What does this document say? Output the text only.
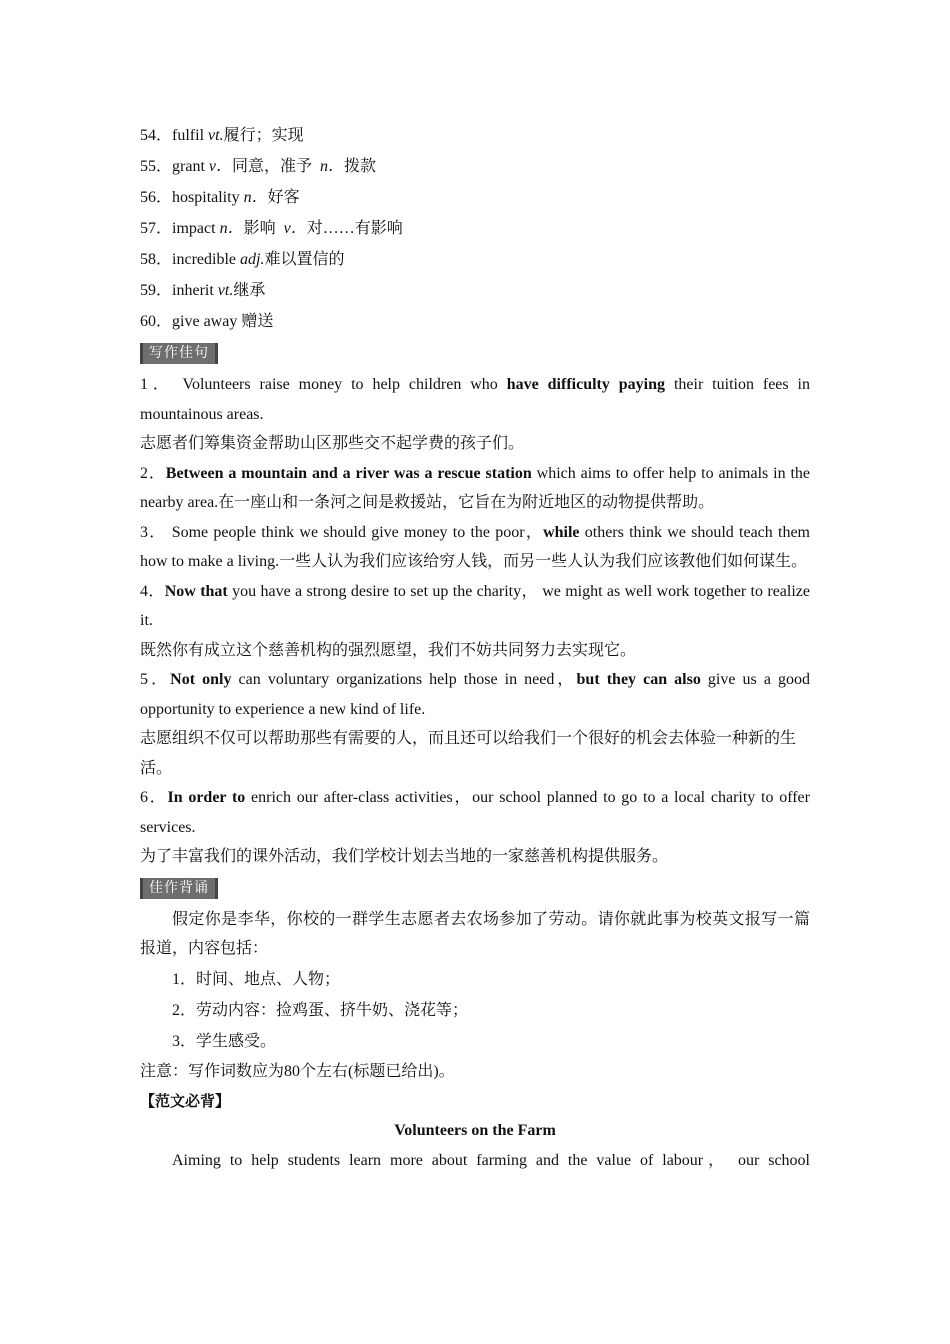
54．fulfil vt.履行；实现
55．grant v．同意，准予  n．拨款
56．hospitality n．好客
57．impact n．影响  v．对……有影响
58．incredible adj.难以置信的
59．inherit vt.继承
60．give away 赠送
写作佳句
1． Volunteers raise money to help children who have difficulty paying their tuition fees in mountainous areas.
志愿者们筹集资金帮助山区那些交不起学费的孩子们。
2．Between a mountain and a river was a rescue station which aims to offer help to animals in the nearby area.在一座山和一条河之间是救援站，它旨在为附近地区的动物提供帮助。
3． Some people think we should give money to the poor，while others think we should teach them how to make a living.一些人认为我们应该给穷人钱，而另一些人认为我们应该教他们如何谋生。
4．Now that you have a strong desire to set up the charity， we might as well work together to realize it.
既然你有成立这个慈善机构的强烈愿望，我们不妨共同努力去实现它。
5．Not only can voluntary organizations help those in need，but they can also give us a good opportunity to experience a new kind of life.
志愿组织不仅可以帮助那些有需要的人，而且还可以给我们一个很好的机会去体验一种新的生活。
6．In order to enrich our after-class activities，our school planned to go to a local charity to offer services.
为了丰富我们的课外活动，我们学校计划去当地的一家慈善机构提供服务。
佳作背诵
假定你是李华，你校的一群学生志愿者去农场参加了劳动。请你就此事为校英文报写一篇报道，内容包括：
1．时间、地点、人物；
2．劳动内容：捡鸡蛋、挤牛奶、浇花等；
3．学生感受。
注意：写作词数应为80个左右(标题已给出)。
【范文必背】
Volunteers on the Farm
Aiming to help students learn more about farming and the value of labour， our school
